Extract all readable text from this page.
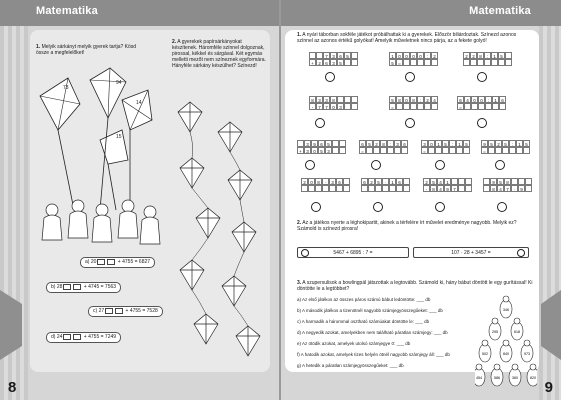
Matematika
1. Melyik sárkányt melyik gyerek tartja? Kösd össze a megfelelőket!
73
94
14
15
a) 20	+ 4755 = 6827
b) 28	+ 4745 = 7563
c) 27	+ 4755 = 7528
d) 24	+ 4755 = 7249
2. A gyerekek papírsárkányokat készítenek. Háromféle színnel dolgoznak, pirossal, kékkel és sárgával. Két egymás melletti mezőt nem színeznek egyformára. Hányféle sárkány készülhet? Színezd!
8
Matematika
1. A nyári táborban sokféle játékot próbálhattak ki a gyerekek. Először biliárdoztak. Színezd azonos színnel az azonos értékű golyókat! Amelyik műveletnek nincs párja, az a fekete golyó!
7 3 6 5
+ 2 6 3 5
1 0 0 0 0	:	2
5 =
2 2 8	:	1 5
8 3 3 8
-	7 7 0 3
5 8 0 8	:	2 4
=
6 4 0 0	:	1 6
=
3 9 6 5
+ 3 0 5 3
6 5 2 8	:	3 6
=
3 0 1 5	:	1 5
=
9 5 2 5	:	1 5
=
2 0 8	·	3 6	6 2 5	·	1 6	2 5 4 1
-	8 4 9 7
9 5 8
8 4 7	·	9
2. Az a játékos nyerte a léghokipartit, akinek a térfelére írt művelet eredménye nagyobb. Melyik ez? Számold is színezd pirosra!
5467 + 6895 : 7 =	107 · 28 + 3457 =
3. A szupersulisok a bowlingpál játszottak a legtovább. Számold ki, hány bábut döntött le egy gurítással! Ki döntötte le a legtöbbet?
a) Az első játékos az összes páros számú bábut ledöntötte: ___ db
b) A második játékos a tizenötnél nagyobb számjegyösszegűeket: ___ db
c) A harmadik a hárommal osztható számúakat döntötte le: ___ db
d) A negyedik azokat, amelyekben nem található páratlan számjegy: ___ db
e) Az ötödik azokat, amelyek utolsó számjegye 0: ___ db
f) A hatodik azokat, amelyek tizes helyén ötnél nagyobb számjegy áll: ___ db
g) A hetedik a páratlan számjegyösszegűeket: ___ db
346
295	618
502	840	973
454	586	360	820
9
